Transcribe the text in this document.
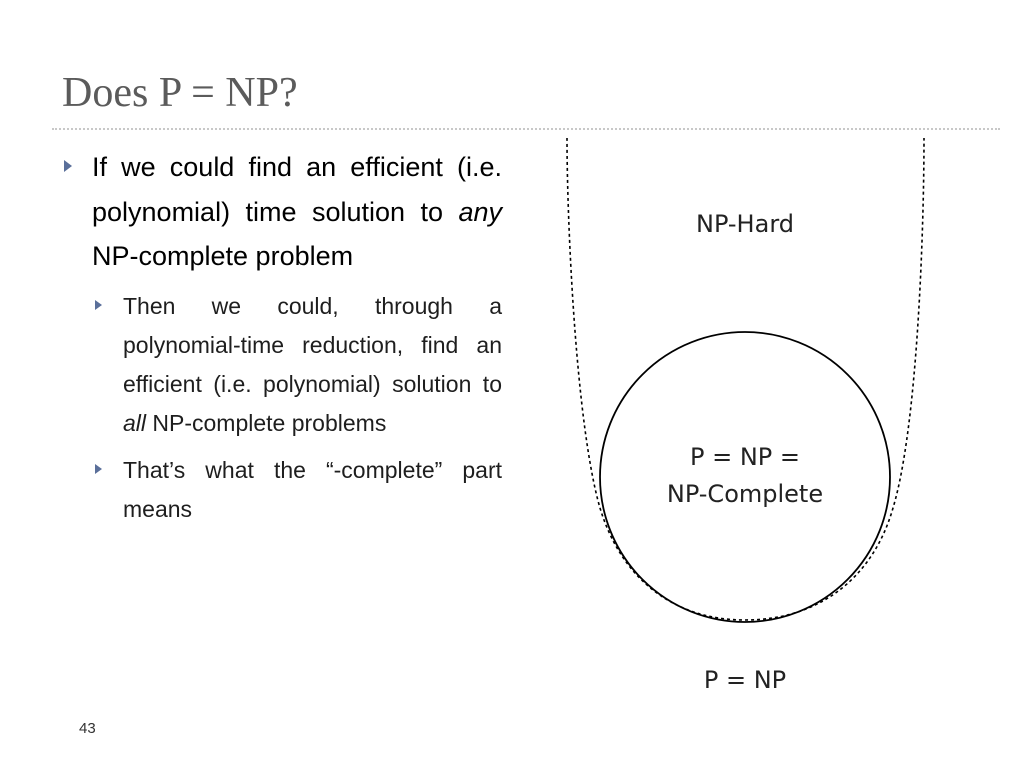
Does P = NP?
If we could find an efficient (i.e. polynomial) time solution to any NP-complete problem
Then we could, through a polynomial-time reduction, find an efficient (i.e. polynomial) solution to all NP-complete problems
That’s what the “-complete” part means
NP-Hard
P = NP =
NP-Complete
P = NP
43
